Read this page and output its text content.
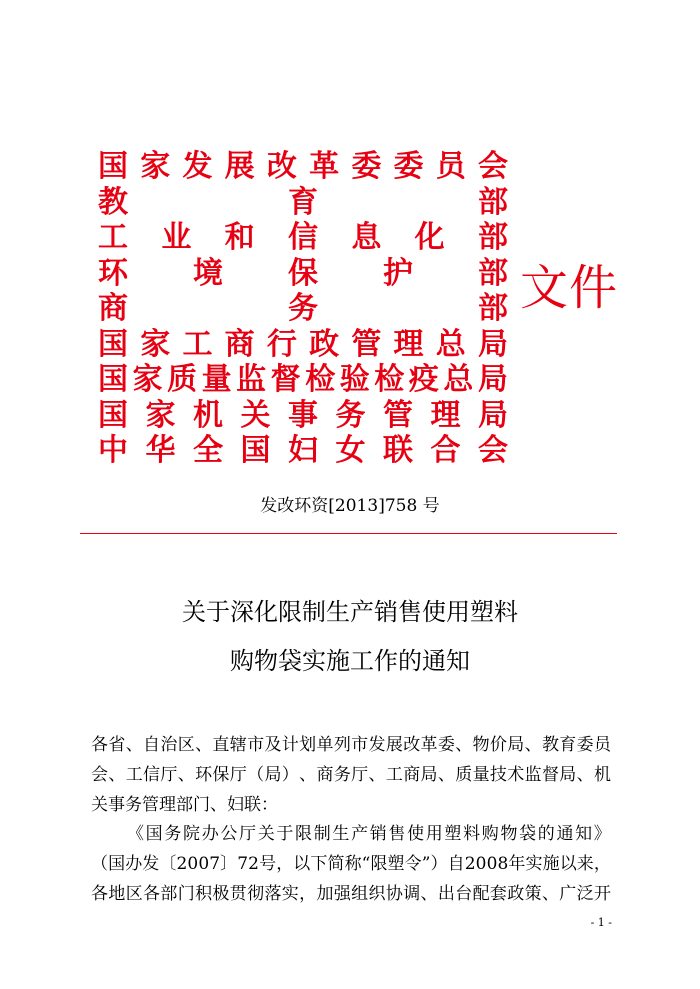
国 家 发 展 改 革 委 委 员 会
教	育	部
工 业 和 信 息 化 部
环 境 保 护 部
商	务	部
国 家 工 商 行 政 管 理 总 局
国 家 质 量 监 督 检 验 检 疫 总 局
国 家 机 关 事 务 管 理 局
中 华 全 国 妇 女 联 合 会
文件
发改环资[2013]758 号
关于深化限制生产销售使用塑料
购物袋实施工作的通知
各 省 、 自 治 区 、 直 辖 市 及 计 划 单 列 市 发 展 改 革 委 、 物 价 局 、 教 育 委 员
会 、 工 信 厅 、 环 保 厅 （ 局 ） 、 商 务 厅 、 工 商 局 、 质 量 技 术 监 督 局 、 机
关事务管理部门、妇联：
《 国 务 院 办 公 厅 关 于 限 制 生 产 销 售 使 用 塑 料 购 物 袋 的 通 知 》
（ 国 办 发 〔 2 0 0 7 〕 7 2 号 ， 以 下 简 称 “ 限 塑 令 ” ） 自 2 0 0 8 年 实 施 以 来 ，
各 地 区 各 部 门 积 极 贯 彻 落 实 ， 加 强 组 织 协 调 、 出 台 配 套 政 策 、 广 泛 开
- 1 -
